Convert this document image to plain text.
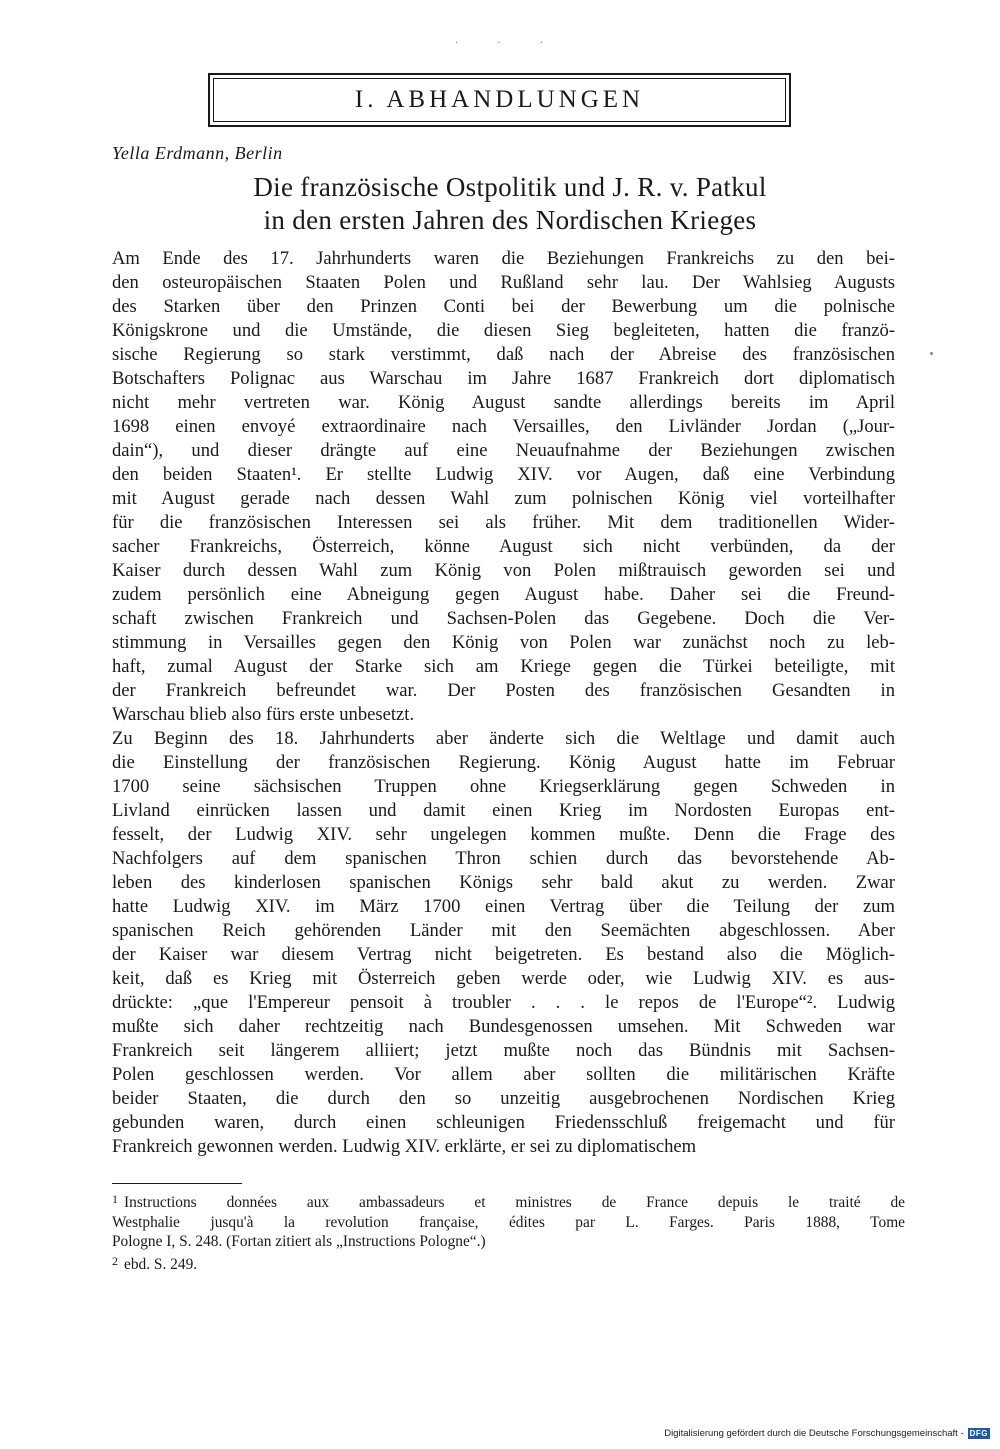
· · ·
I. ABHANDLUNGEN
Yella Erdmann, Berlin
Die französische Ostpolitik und J. R. v. Patkul
in den ersten Jahren des Nordischen Krieges
Am Ende des 17. Jahrhunderts waren die Beziehungen Frankreichs zu den bei-
den osteuropäischen Staaten Polen und Rußland sehr lau. Der Wahlsieg Augusts
des Starken über den Prinzen Conti bei der Bewerbung um die polnische
Königskrone und die Umstände, die diesen Sieg begleiteten, hatten die franzö-
sische Regierung so stark verstimmt, daß nach der Abreise des französischen
Botschafters Polignac aus Warschau im Jahre 1687 Frankreich dort diplomatisch
nicht mehr vertreten war. König August sandte allerdings bereits im April
1698 einen envoyé extraordinaire nach Versailles, den Livländer Jordan („Jour-
dain“), und dieser drängte auf eine Neuaufnahme der Beziehungen zwischen
den beiden Staaten¹. Er stellte Ludwig XIV. vor Augen, daß eine Verbindung
mit August gerade nach dessen Wahl zum polnischen König viel vorteilhafter
für die französischen Interessen sei als früher. Mit dem traditionellen Wider-
sacher Frankreichs, Österreich, könne August sich nicht verbünden, da der
Kaiser durch dessen Wahl zum König von Polen mißtrauisch geworden sei und
zudem persönlich eine Abneigung gegen August habe. Daher sei die Freund-
schaft zwischen Frankreich und Sachsen-Polen das Gegebene. Doch die Ver-
stimmung in Versailles gegen den König von Polen war zunächst noch zu leb-
haft, zumal August der Starke sich am Kriege gegen die Türkei beteiligte, mit
der Frankreich befreundet war. Der Posten des französischen Gesandten in
Warschau blieb also fürs erste unbesetzt.
Zu Beginn des 18. Jahrhunderts aber änderte sich die Weltlage und damit auch
die Einstellung der französischen Regierung. König August hatte im Februar
1700 seine sächsischen Truppen ohne Kriegserklärung gegen Schweden in
Livland einrücken lassen und damit einen Krieg im Nordosten Europas ent-
fesselt, der Ludwig XIV. sehr ungelegen kommen mußte. Denn die Frage des
Nachfolgers auf dem spanischen Thron schien durch das bevorstehende Ab-
leben des kinderlosen spanischen Königs sehr bald akut zu werden. Zwar
hatte Ludwig XIV. im März 1700 einen Vertrag über die Teilung der zum
spanischen Reich gehörenden Länder mit den Seemächten abgeschlossen. Aber
der Kaiser war diesem Vertrag nicht beigetreten. Es bestand also die Möglich-
keit, daß es Krieg mit Österreich geben werde oder, wie Ludwig XIV. es aus-
drückte: „que l'Empereur pensoit à troubler . . . le repos de l'Europe“². Ludwig
mußte sich daher rechtzeitig nach Bundesgenossen umsehen. Mit Schweden war
Frankreich seit längerem alliiert; jetzt mußte noch das Bündnis mit Sachsen-
Polen geschlossen werden. Vor allem aber sollten die militärischen Kräfte
beider Staaten, die durch den so unzeitig ausgebrochenen Nordischen Krieg
gebunden waren, durch einen schleunigen Friedensschluß freigemacht und für
Frankreich gewonnen werden. Ludwig XIV. erklärte, er sei zu diplomatischem
$^1$ Instructions données aux ambassadeurs et ministres de France depuis le traité de
Westphalie jusqu'à la revolution française, édites par L. Farges. Paris 1888, Tome
Pologne I, S. 248. (Fortan zitiert als „Instructions Pologne“.)
$^2$ ebd. S. 249.
Digitalisierung gefördert durch die Deutsche Forschungsgemeinschaft - DFG
